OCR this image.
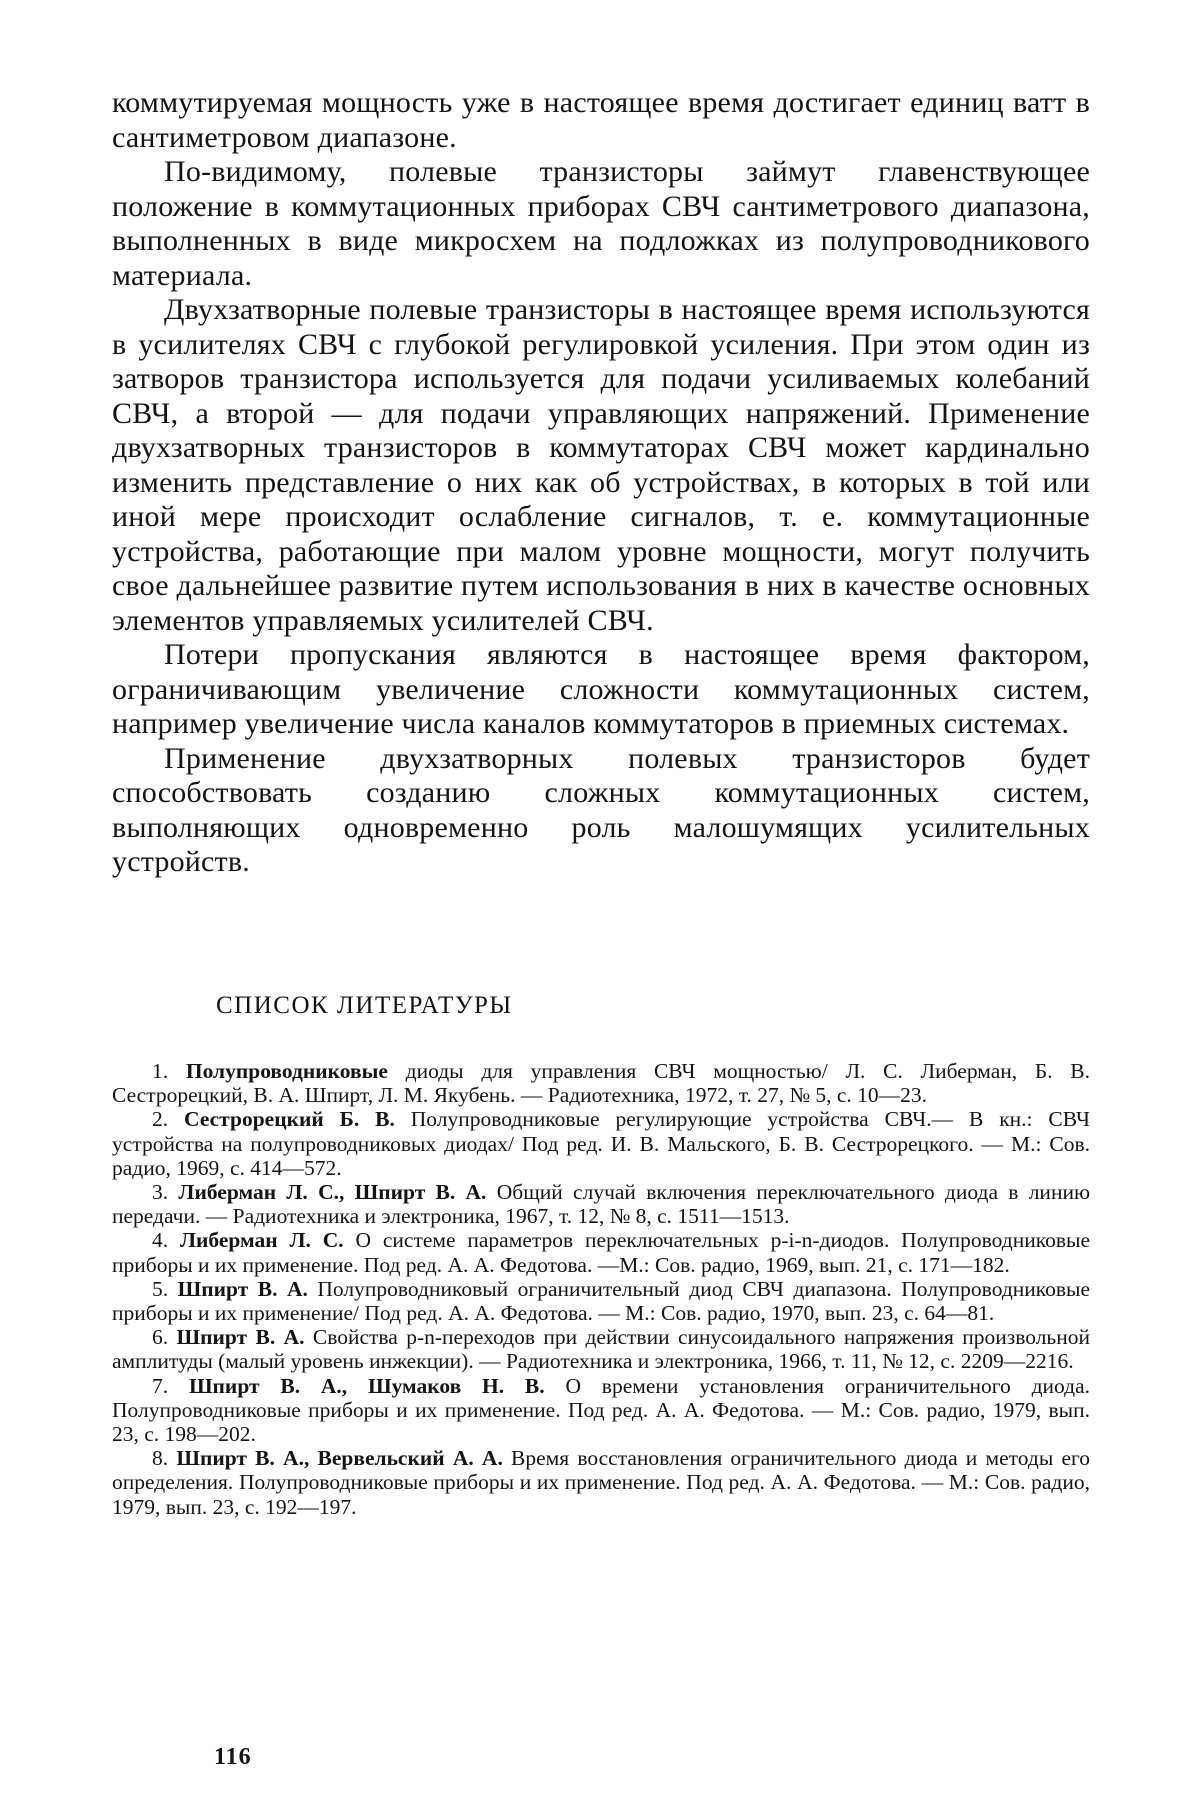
коммутируемая мощность уже в настоящее время достигает единиц ватт в сантиметровом диапазоне.

По-видимому, полевые транзисторы займут главенствующее положение в коммутационных приборах СВЧ сантиметрового диапазона, выполненных в виде микросхем на подложках из полупроводникового материала.

Двухзатворные полевые транзисторы в настоящее время используются в усилителях СВЧ с глубокой регулировкой усиления. При этом один из затворов транзистора используется для подачи усиливаемых колебаний СВЧ, а второй — для подачи управляющих напряжений. Применение двухзатворных транзисторов в коммутаторах СВЧ может кардинально изменить представление о них как об устройствах, в которых в той или иной мере происходит ослабление сигналов, т. е. коммутационные устройства, работающие при малом уровне мощности, могут получить свое дальнейшее развитие путем использования в них в качестве основных элементов управляемых усилителей СВЧ.

Потери пропускания являются в настоящее время фактором, ограничивающим увеличение сложности коммутационных систем, например увеличение числа каналов коммутаторов в приемных системах.

Применение двухзатворных полевых транзисторов будет способствовать созданию сложных коммутационных систем, выполняющих одновременно роль малошумящих усилительных устройств.

СПИСОК ЛИТЕРАТУРЫ
1. Полупроводниковые диоды для управления СВЧ мощностью/ Л. С. Либерман, Б. В. Сестрорецкий, В. А. Шпирт, Л. М. Якубень. — Радиотехника, 1972, т. 27, № 5, с. 10—23.
2. Сестрорецкий Б. В. Полупроводниковые регулирующие устройства СВЧ.— В кн.: СВЧ устройства на полупроводниковых диодах/ Под ред. И. В. Мальского, Б. В. Сестрорецкого. — М.: Сов. радио, 1969, с. 414—572.
3. Либерман Л. С., Шпирт В. А. Общий случай включения переключательного диода в линию передачи. — Радиотехника и электроника, 1967, т. 12, № 8, с. 1511—1513.
4. Либерман Л. С. О системе параметров переключательных p-i-n-диодов. Полупроводниковые приборы и их применение. Под ред. А. А. Федотова. —М.: Сов. радио, 1969, вып. 21, с. 171—182.
5. Шпирт В. А. Полупроводниковый ограничительный диод СВЧ диапазона. Полупроводниковые приборы и их применение/ Под ред. А. А. Федотова. — М.: Сов. радио, 1970, вып. 23, с. 64—81.
6. Шпирт В. А. Свойства p-n-переходов при действии синусоидального напряжения произвольной амплитуды (малый уровень инжекции). — Радиотехника и электроника, 1966, т. 11, № 12, с. 2209—2216.
7. Шпирт В. А., Шумаков Н. В. О времени установления ограничительного диода. Полупроводниковые приборы и их применение. Под ред. А. А. Федотова. — М.: Сов. радио, 1979, вып. 23, с. 198—202.
8. Шпирт В. А., Вервельский А. А. Время восстановления ограничительного диода и методы его определения. Полупроводниковые приборы и их применение. Под ред. А. А. Федотова. — М.: Сов. радио, 1979, вып. 23, с. 192—197.
116
